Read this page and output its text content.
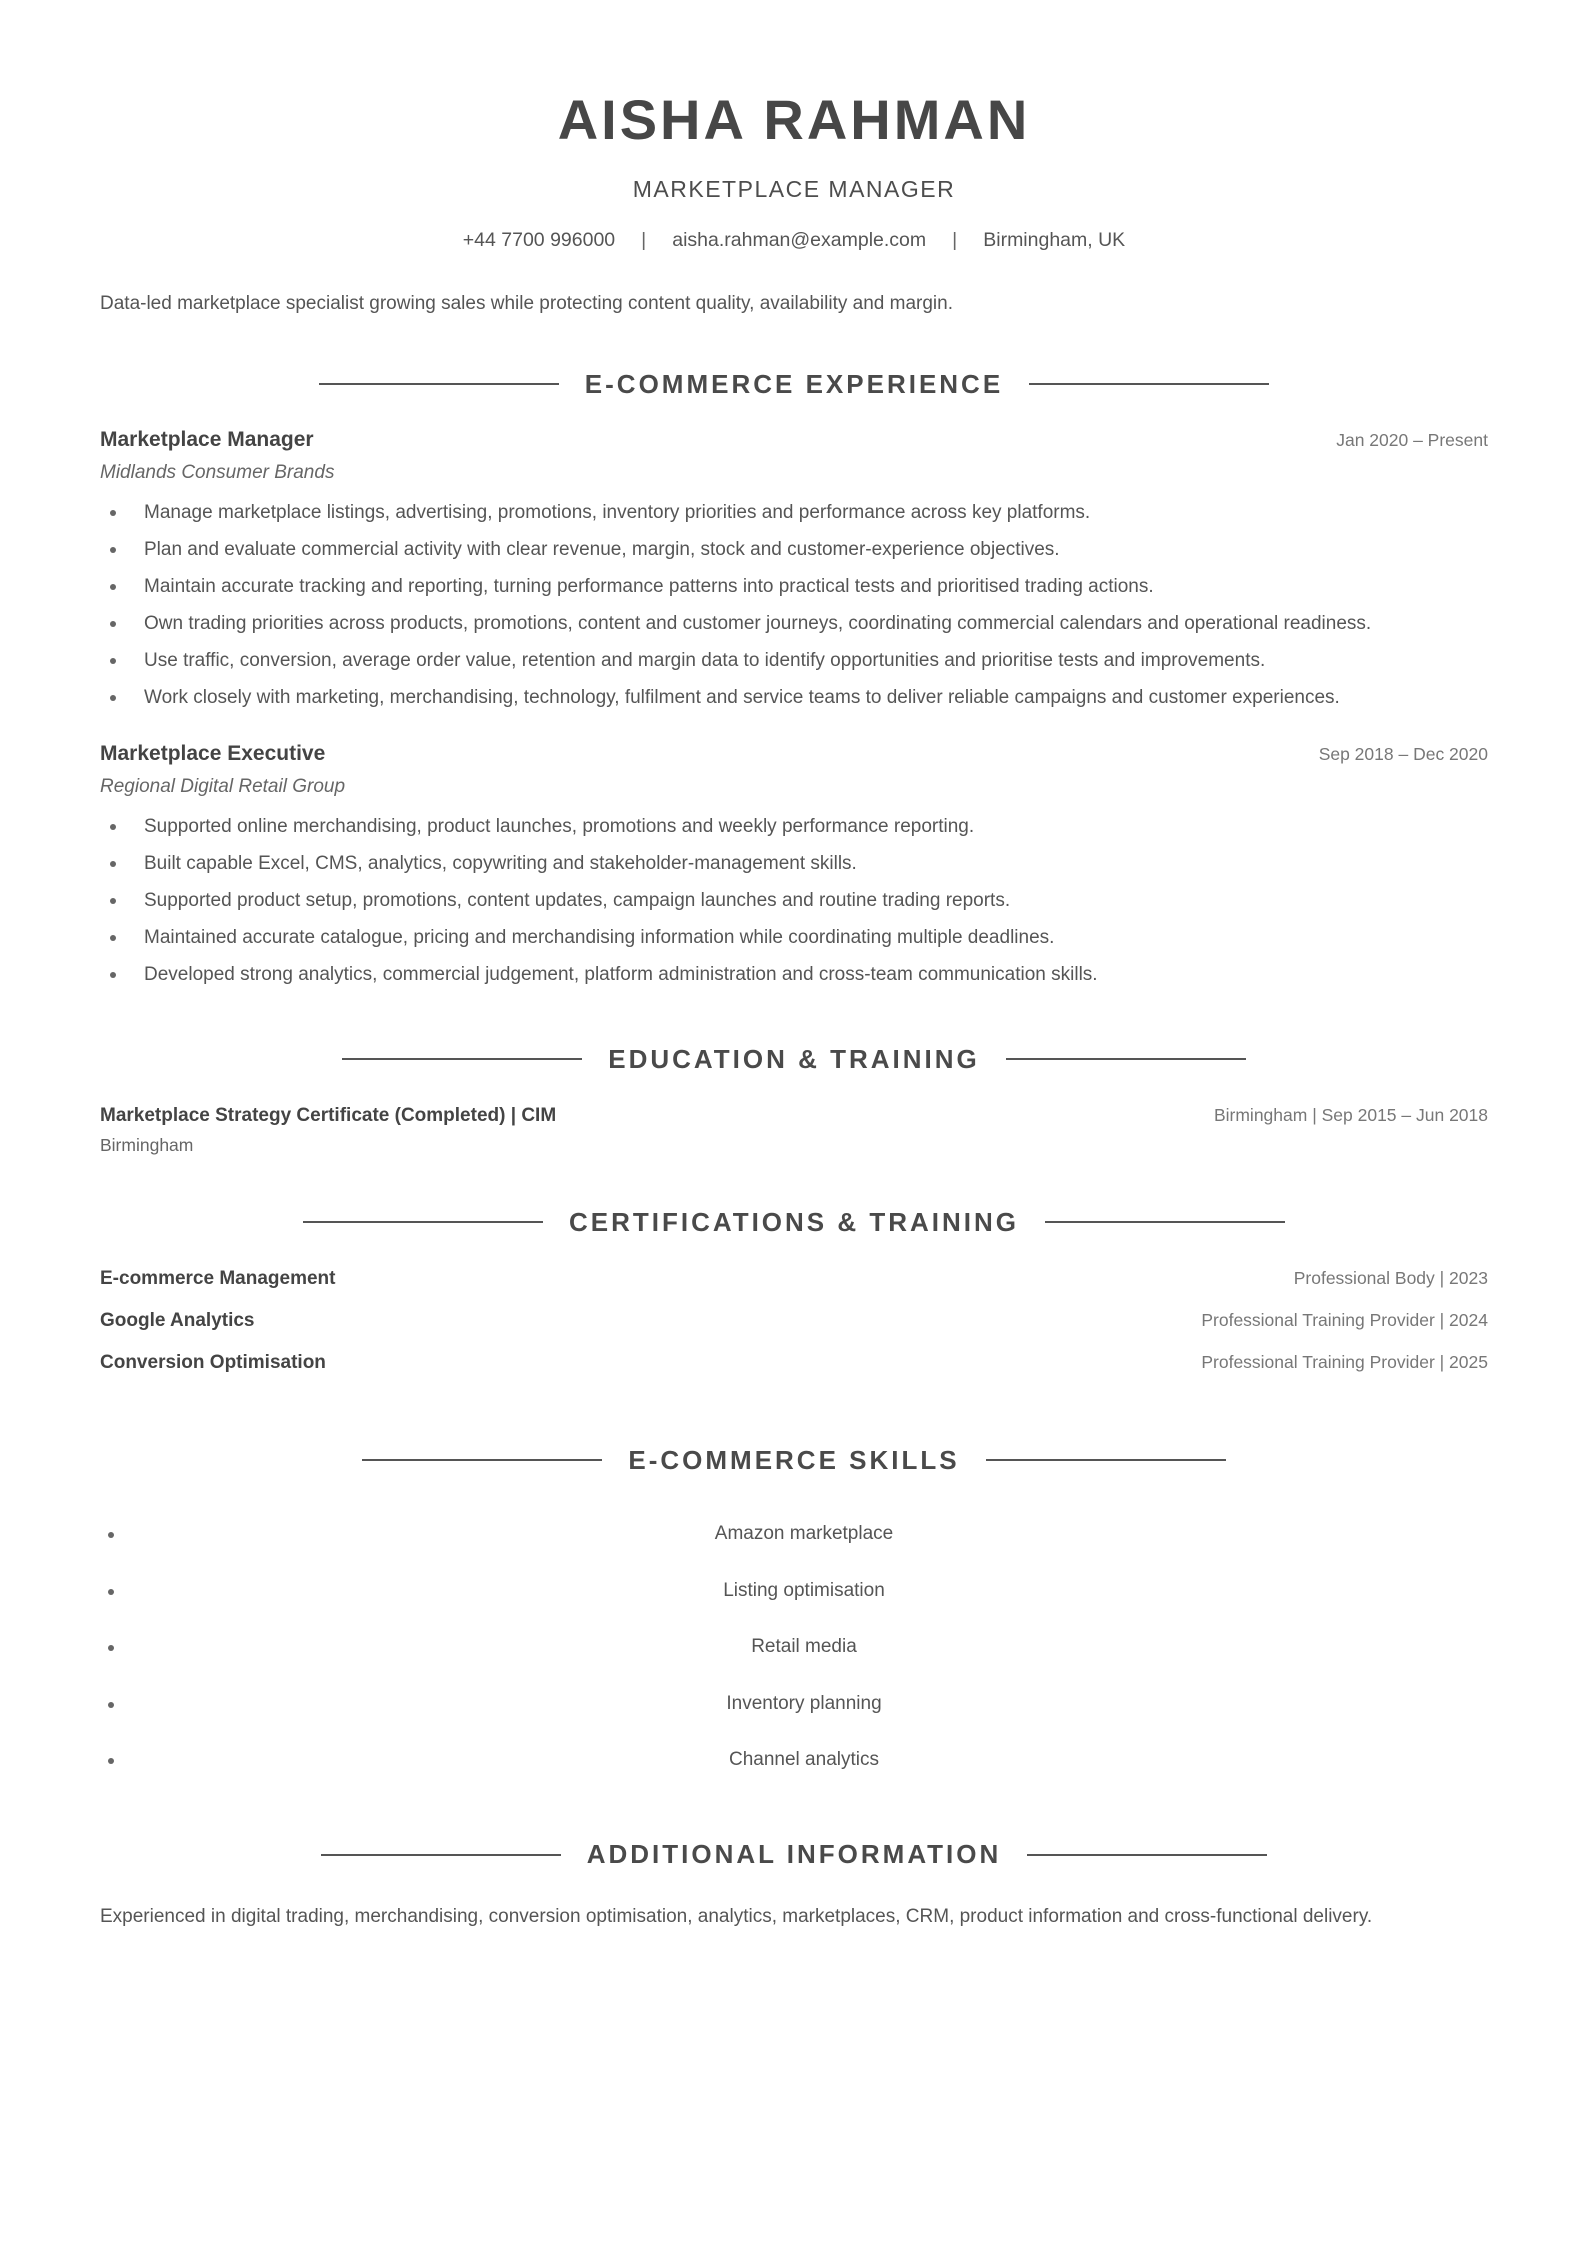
AISHA RAHMAN
MARKETPLACE MANAGER
+44 7700 996000 | aisha.rahman@example.com | Birmingham, UK
Data-led marketplace specialist growing sales while protecting content quality, availability and margin.
E-COMMERCE EXPERIENCE
Marketplace Manager	Jan 2020 – Present
Midlands Consumer Brands
Manage marketplace listings, advertising, promotions, inventory priorities and performance across key platforms.
Plan and evaluate commercial activity with clear revenue, margin, stock and customer-experience objectives.
Maintain accurate tracking and reporting, turning performance patterns into practical tests and prioritised trading actions.
Own trading priorities across products, promotions, content and customer journeys, coordinating commercial calendars and operational readiness.
Use traffic, conversion, average order value, retention and margin data to identify opportunities and prioritise tests and improvements.
Work closely with marketing, merchandising, technology, fulfilment and service teams to deliver reliable campaigns and customer experiences.
Marketplace Executive	Sep 2018 – Dec 2020
Regional Digital Retail Group
Supported online merchandising, product launches, promotions and weekly performance reporting.
Built capable Excel, CMS, analytics, copywriting and stakeholder-management skills.
Supported product setup, promotions, content updates, campaign launches and routine trading reports.
Maintained accurate catalogue, pricing and merchandising information while coordinating multiple deadlines.
Developed strong analytics, commercial judgement, platform administration and cross-team communication skills.
EDUCATION & TRAINING
Marketplace Strategy Certificate (Completed) | CIM	Birmingham | Sep 2015 – Jun 2018
Birmingham
CERTIFICATIONS & TRAINING
E-commerce Management	Professional Body | 2023
Google Analytics	Professional Training Provider | 2024
Conversion Optimisation	Professional Training Provider | 2025
E-COMMERCE SKILLS
Amazon marketplace
Listing optimisation
Retail media
Inventory planning
Channel analytics
ADDITIONAL INFORMATION
Experienced in digital trading, merchandising, conversion optimisation, analytics, marketplaces, CRM, product information and cross-functional delivery.
